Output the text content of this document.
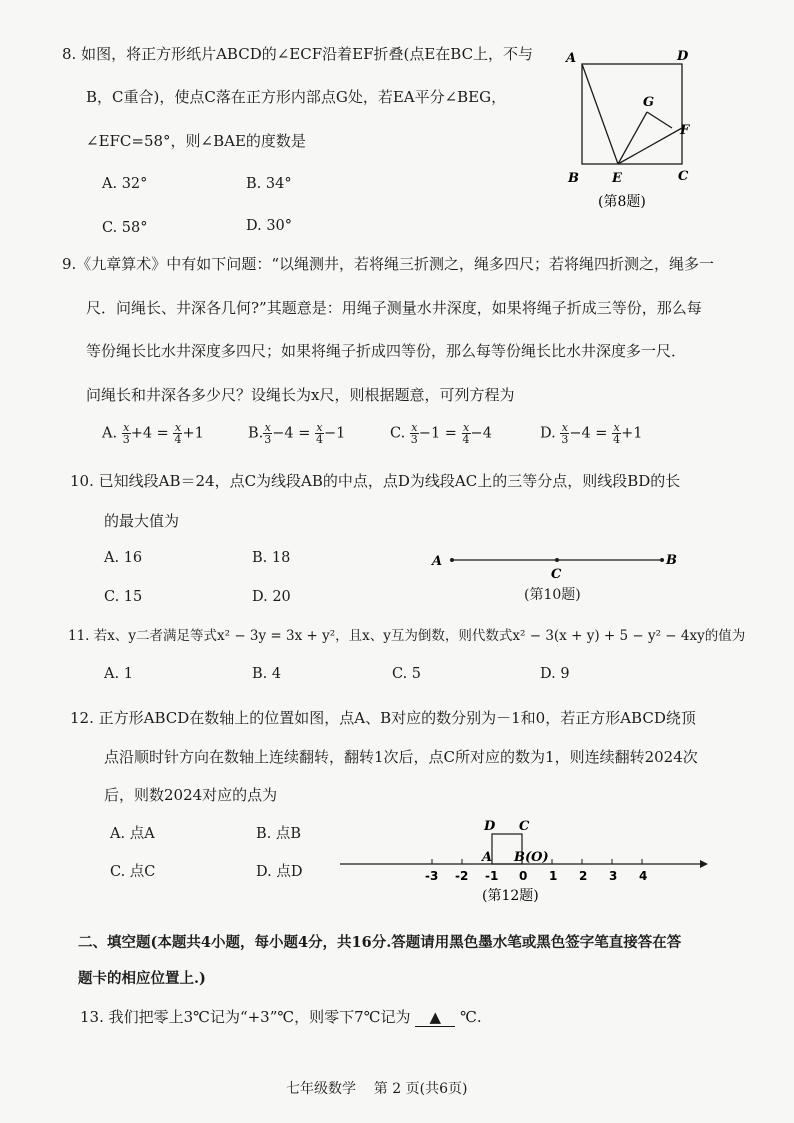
8. 如图，将正方形纸片ABCD的∠ECF沿着EF折叠(点E在BC上，不与
B，C重合)，使点C落在正方形内部点G处，若EA平分∠BEG，
∠EFC=58°，则∠BAE的度数是
A. 32°	B. 34°
C. 58°	D. 30°
A	D
G
F
B	E	C
(第8题)
9.《九章算术》中有如下问题：“以绳测井，若将绳三折测之，绳多四尺；若将绳四折测之，绳多一
尺．问绳长、井深各几何?”其题意是：用绳子测量水井深度，如果将绳子折成三等份，那么每
等份绳长比水井深度多四尺；如果将绳子折成四等份，那么每等份绳长比水井深度多一尺．
问绳长和井深各多少尺？设绳长为x尺，则根据题意，可列方程为
A. $\frac{x}{3} +4 = \frac{x}{4} +1$	B. $\frac{x}{3} -4 = \frac{x}{4} -1$	C. $\frac{x}{3} -1 = \frac{x}{4} -4$	D. $\frac{x}{3} -4 = \frac{x}{4} +1$
10. 已知线段AB＝24，点C为线段AB的中点，点D为线段AC上的三等分点，则线段BD的长
的最大值为
A. 16	B. 18
C. 15	D. 20
A	B
C
(第10题)
11. 若x、y二者满足等式x² − 3y = 3x + y²，且x、y互为倒数，则代数式x² − 3(x + y) + 5 − y² − 4xy的值为
A. 1	B. 4	C. 5	D. 9
12. 正方形ABCD在数轴上的位置如图，点A、B对应的数分别为－1和0，若正方形ABCD绕顶
点沿顺时针方向在数轴上连续翻转，翻转1次后，点C所对应的数为1，则连续翻转2024次
后，则数2024对应的点为
A. 点A	B. 点B
C. 点C	D. 点D	-3 -2 -1 0 1 2 3 4
D C
A B(O)
(第12题)
二、填空题(本题共4小题，每小题4分，共16分.答题请用黑色墨水笔或黑色签字笔直接答在答
题卡的相应位置上.)
13. 我们把零上3℃记为“+3”℃，则零下7℃记为 ▲ ℃.
七年级数学    第 2 页(共6页)
